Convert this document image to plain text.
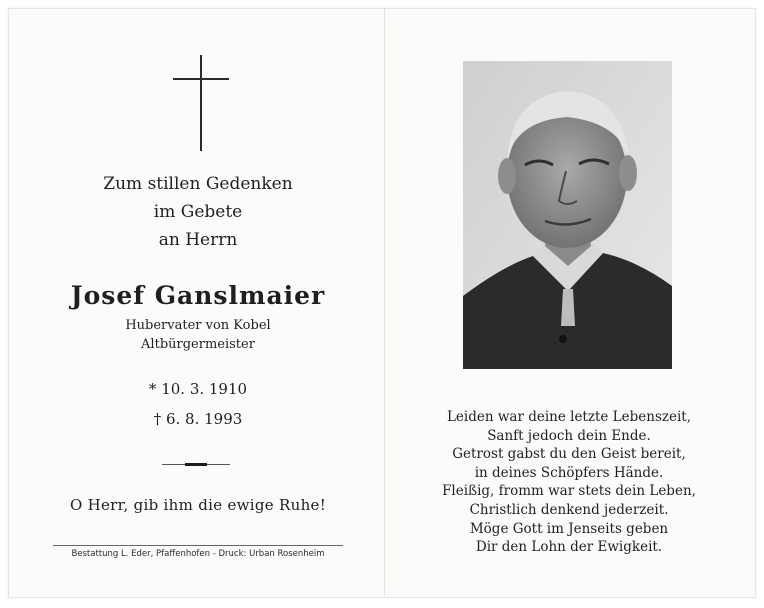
Zum stillen Gedenken
im Gebete
an Herrn
Josef Ganslmaier
Hubervater von Kobel
Altbürgermeister
* 10. 3. 1910
† 6. 8. 1993
O Herr, gib ihm die ewige Ruhe!
Bestattung L. Eder, Pfaffenhofen - Druck: Urban Rosenheim
Leiden war deine letzte Lebenszeit,
Sanft jedoch dein Ende.
Getrost gabst du den Geist bereit,
in deines Schöpfers Hände.
Fleißig, fromm war stets dein Leben,
Christlich denkend jederzeit.
Möge Gott im Jenseits geben
Dir den Lohn der Ewigkeit.
